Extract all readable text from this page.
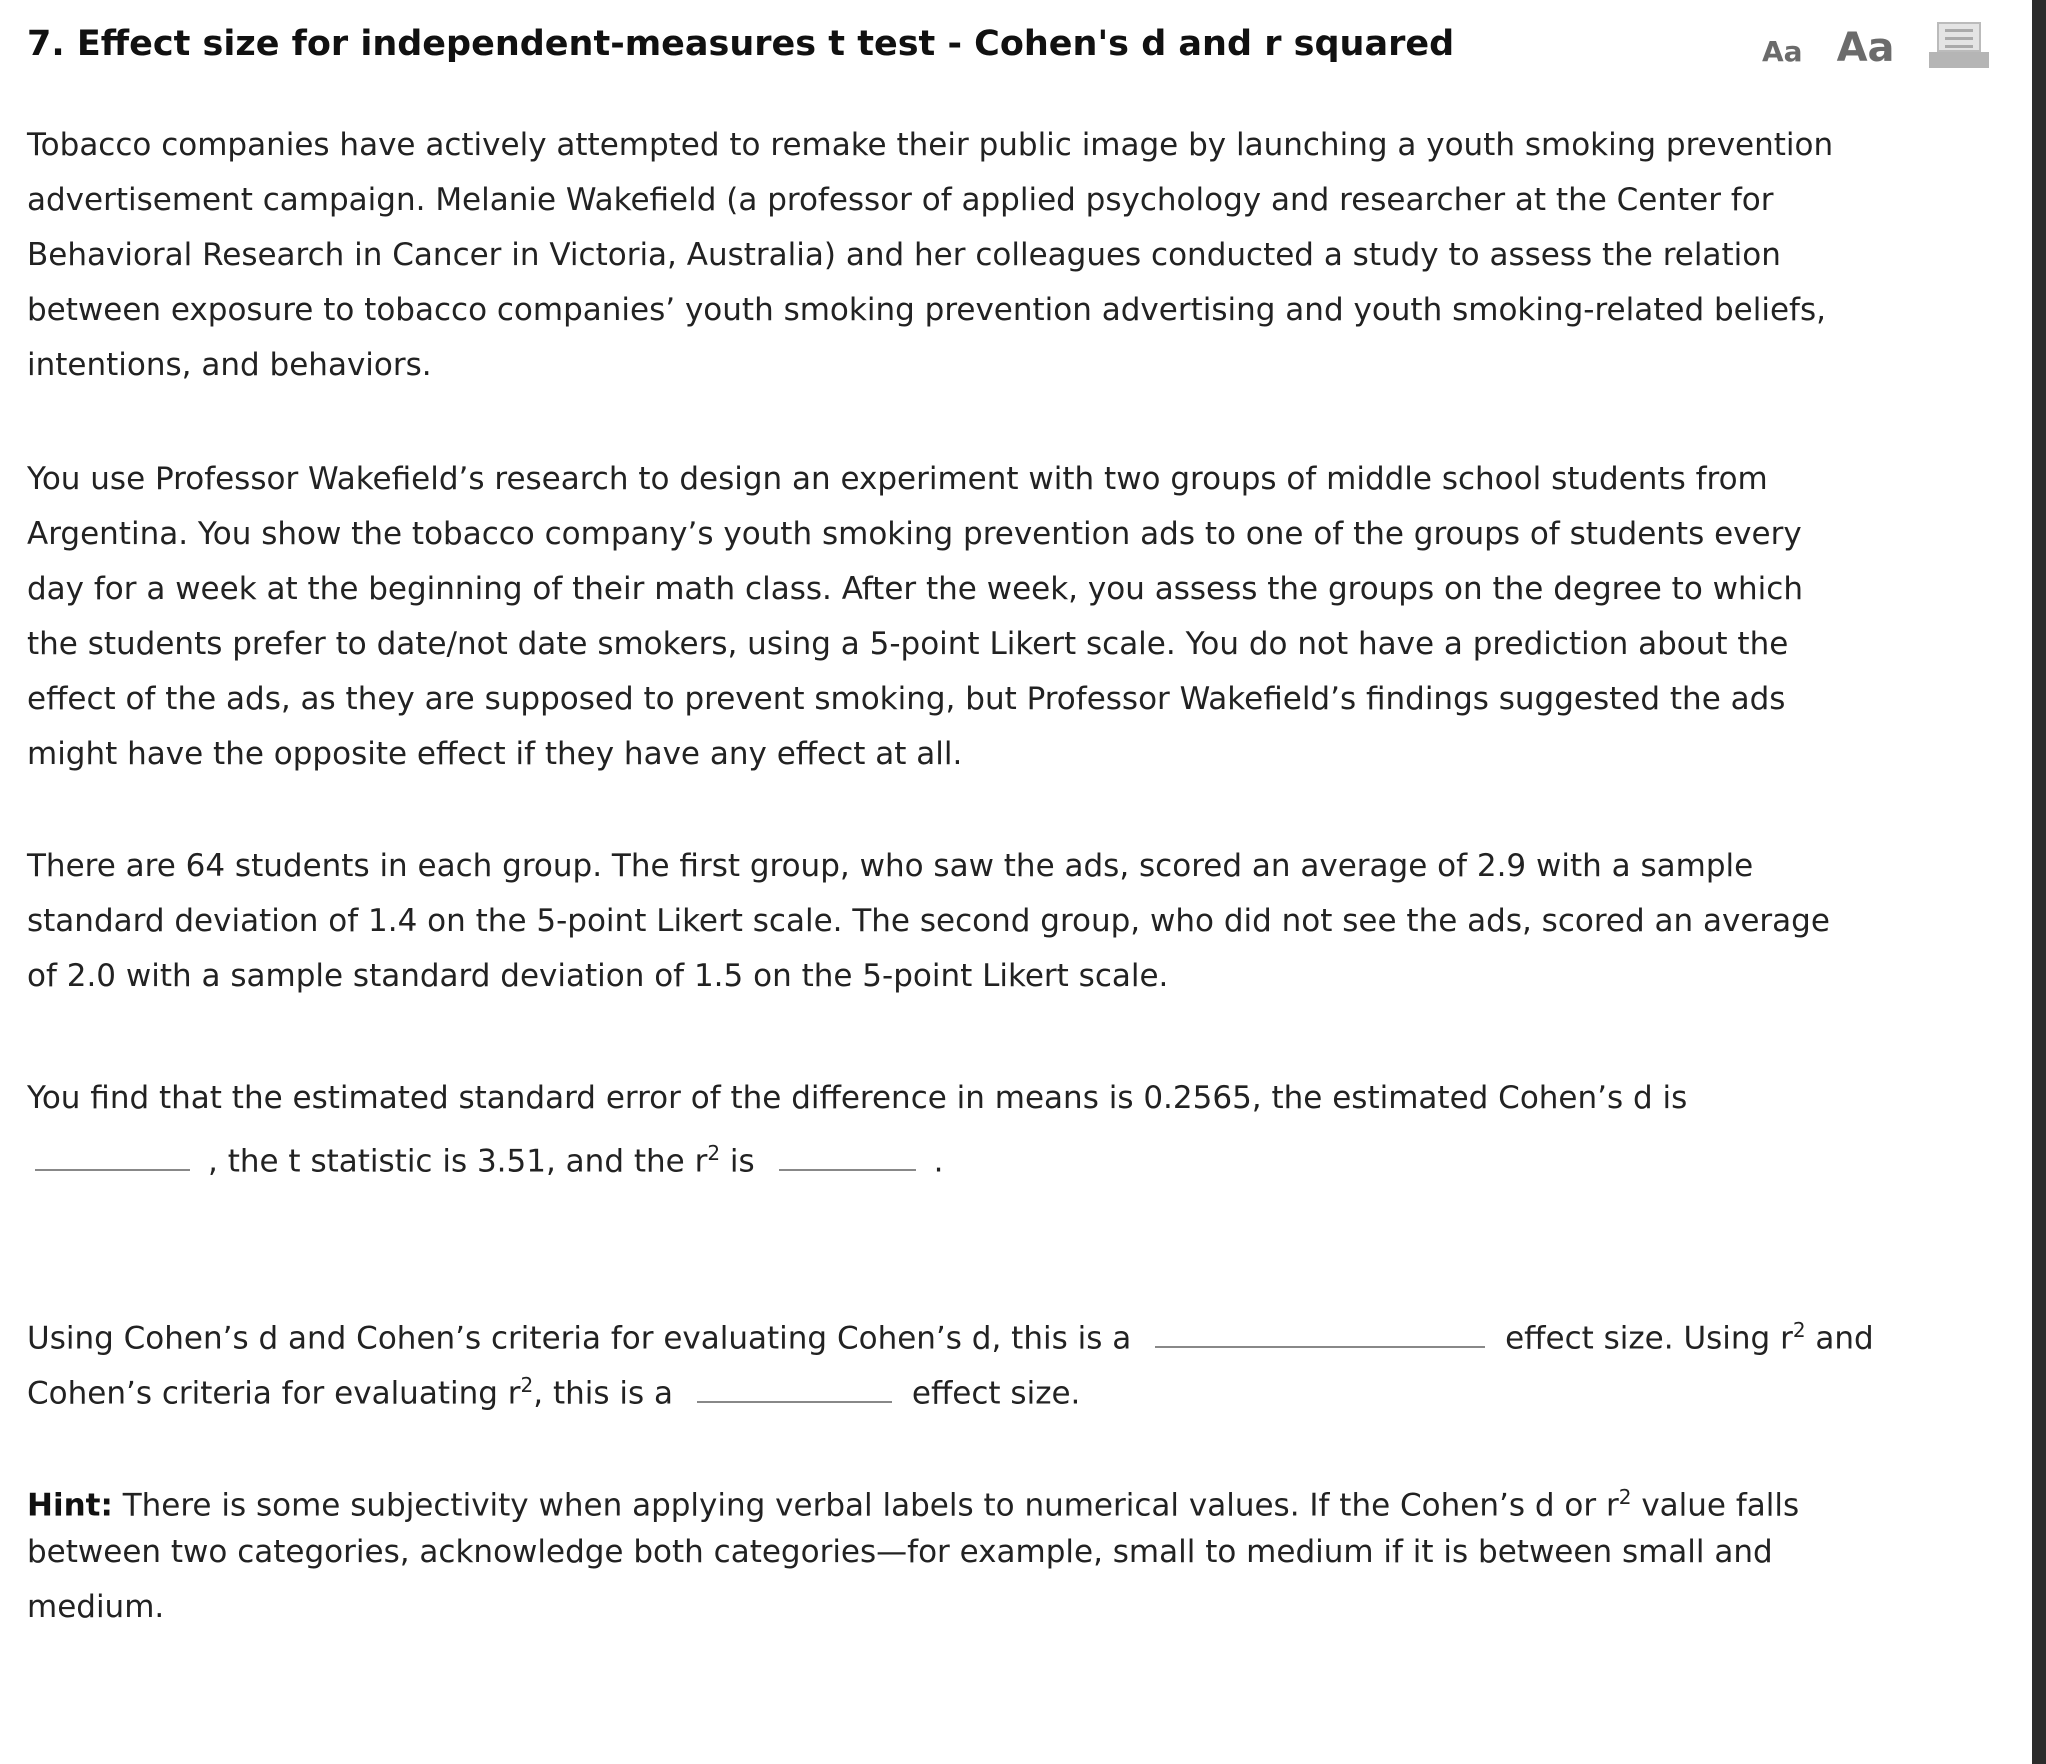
7. Effect size for independent-measures t test - Cohen's d and r squared	Aa Aa
Tobacco companies have actively attempted to remake their public image by launching a youth smoking prevention
advertisement campaign. Melanie Wakefield (a professor of applied psychology and researcher at the Center for
Behavioral Research in Cancer in Victoria, Australia) and her colleagues conducted a study to assess the relation
between exposure to tobacco companies’ youth smoking prevention advertising and youth smoking-related beliefs,
intentions, and behaviors.
You use Professor Wakefield’s research to design an experiment with two groups of middle school students from
Argentina. You show the tobacco company’s youth smoking prevention ads to one of the groups of students every
day for a week at the beginning of their math class. After the week, you assess the groups on the degree to which
the students prefer to date/not date smokers, using a 5-point Likert scale. You do not have a prediction about the
effect of the ads, as they are supposed to prevent smoking, but Professor Wakefield’s findings suggested the ads
might have the opposite effect if they have any effect at all.
There are 64 students in each group. The first group, who saw the ads, scored an average of 2.9 with a sample
standard deviation of 1.4 on the 5-point Likert scale. The second group, who did not see the ads, scored an average
of 2.0 with a sample standard deviation of 1.5 on the 5-point Likert scale.
You find that the estimated standard error of the difference in means is 0.2565, the estimated Cohen’s d is
, the t statistic is 3.51, and the $r^2$ is	.
Using Cohen’s d and Cohen’s criteria for evaluating Cohen’s d, this is a	effect size. Using $r^2$ and
Cohen’s criteria for evaluating $r^2$, this is a	effect size.
Hint: There is some subjectivity when applying verbal labels to numerical values. If the Cohen’s d or $r^2$ value falls
between two categories, acknowledge both categories—for example, small to medium if it is between small and
medium.
